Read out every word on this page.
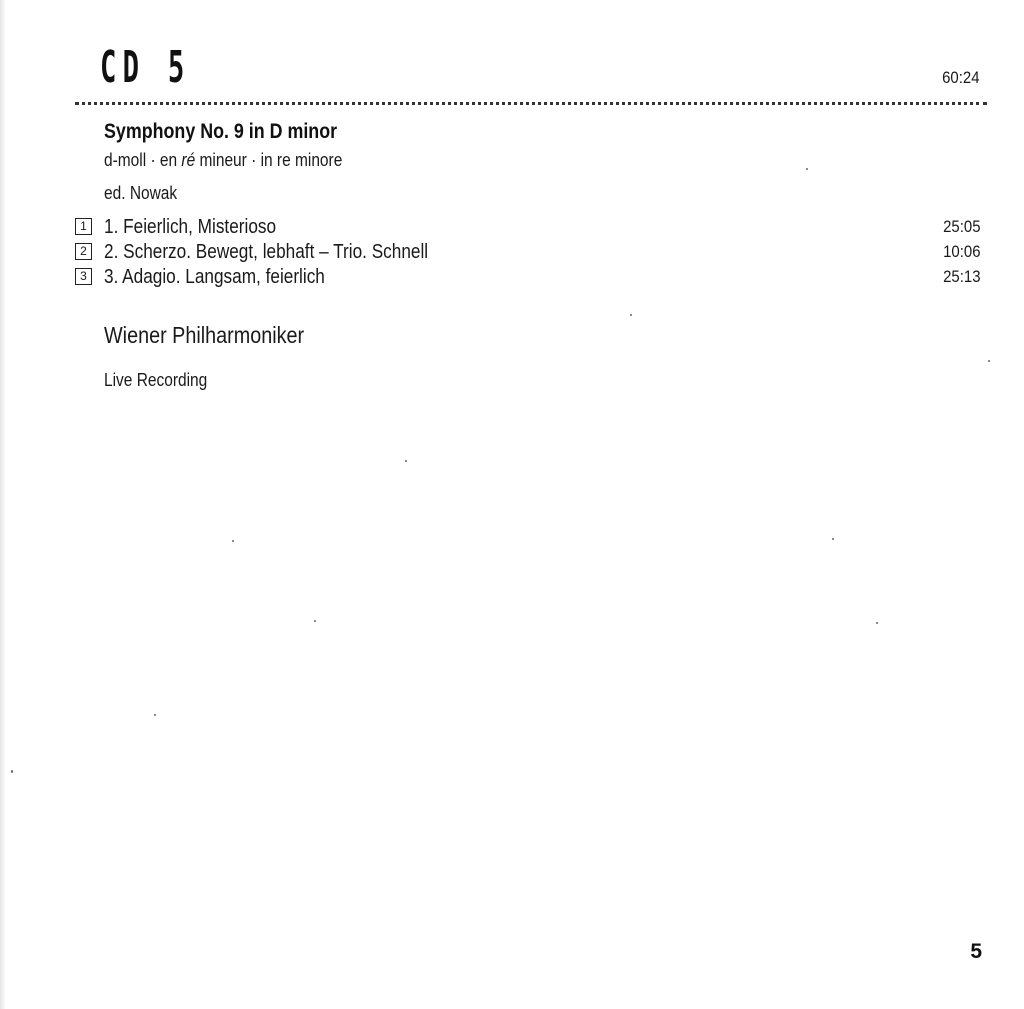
CD 5	60:24
Symphony No. 9 in D minor
d-moll · en ré mineur · in re minore
ed. Nowak
1 1. Feierlich, Misterioso	25:05
2 2. Scherzo. Bewegt, lebhaft – Trio. Schnell	10:06
3 3. Adagio. Langsam, feierlich	25:13
Wiener Philharmoniker
Live Recording
5
